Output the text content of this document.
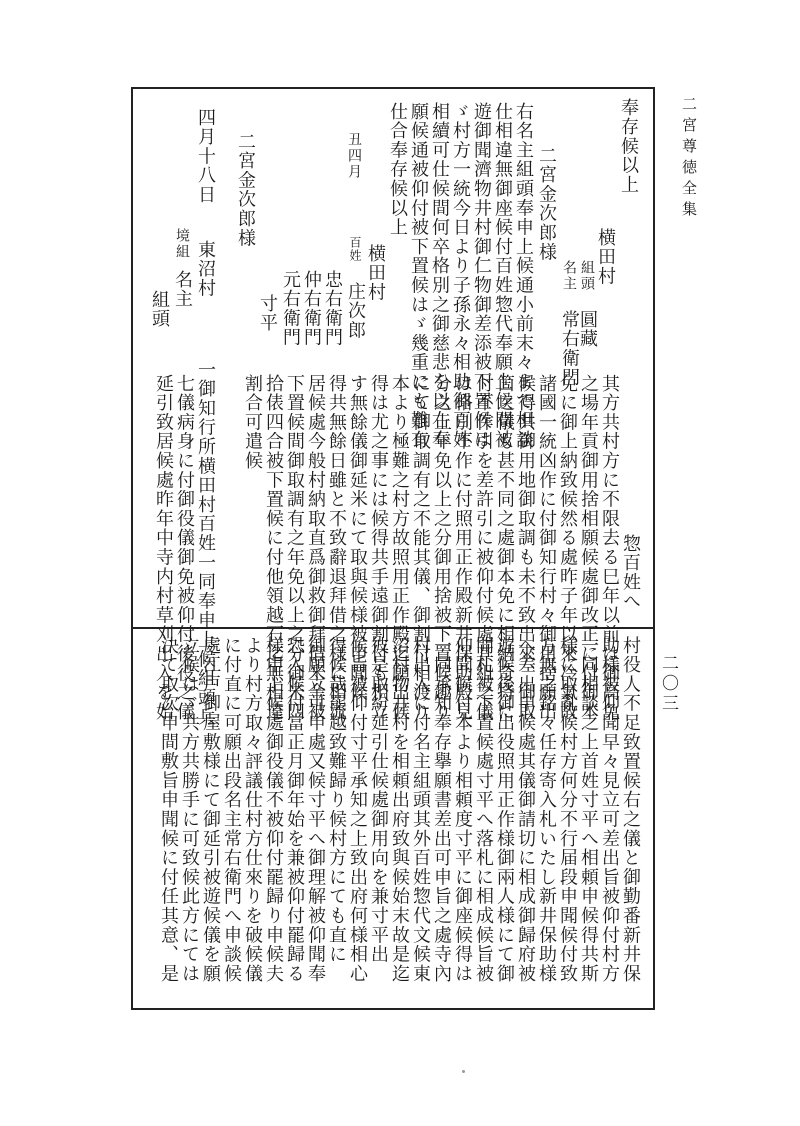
二宮尊徳全集
二〇三
奉存候以上
横田村
組頭圓藏
名主常右衛門
二宮金次郎様
右名主組頭奉申上候通小前末々まで相談
仕相違無御座候付百姓惣代奉願上候間被
遊御聞濟物井村御仁物御差添被下置候は
ゞ村方一統今日より子孫永々相助御百姓
相續可仕候間何卒格別之御慈悲を以右奉
願候通被仰付被下置候はゞ幾重にも難有
仕合奉存候以上
丑四月
横田村
百姓
庄次郎
忠右衛門
仲右衛門
元右衛門
寸平
二宮金次郎様
四月十八日
東沼村
境組名主
組頭
惣百姓へ
其方共村方に不限去る巳年以前は御高免
之場年貢御用捨相願候處御改正に付御本
免に御上納致候然る處昨子年以來冷氣故
諸國一統凶作に付御知行村々御用捨願出
候得共御用地御取調も未不致出來、御取
箇之儀も甚不同之處御本免に相納奇特に
付不作引を差許引に被仰付候處其組之儀
は格別不作に付照用正作殿新井保助殿見
分之上年免以上之分御用捨被下置候趣り
にて御取調有之不能其儀、御割付相渡り
本より極難之村方故照用正作殿迄願出候
得は尤之事には候得共手遠御割付も相立
す無餘儀御延米にて取與候様被申聞候
得共無餘日雖と不致辭退拜借之様に相流
居候處今般村納取直爲御救御拜借米金被
下置候間御取調有之年免以上之分御米四
拾俵四合被下置候に付他領越石迄無相違
割合可遣候
一御知行所横田村百姓一同奉申上候組頭兵
七儀病身に付御役儀御免被仰付後役之儀
延引致居候處昨年中寺内村草刈出入を始
村役人不足致置候右之儀と御勤番新井保
助様被仰聞早々見立可差出旨被仰付村方
一同相談之上首姓寸平へ相頼申候得共斯
様に取亂候村方何分不行届段申聞候付致
方無之銘々任存寄入札いたし新井保助様
へ差出申候處其儀御請切に相成御歸府被
遊候後御出役照用正作様御兩人様にて御
開札被下置候處寸平へ落札に相成候旨被
仰聞候付本より相頼度寸平に御座候得は
一同承知奉存擧願書差出可申旨之處寺內
村出入に付名主組頭其外百姓惣代文候東
沼村物井村を相頼出府致與候始末故是迄
彼是取紛延引仕候處御用向を兼寸平出
候旨被仰付寸平承知之上致出府何様相心
得候哉罷越致難歸り候村方にても直に
御願立可申處又候寸平へ御理解被仰聞奉
恐入候付當正月御年始を兼被仰付罷歸る
様申上候處御役儀不被仰付罷歸り申候夫
より村方取々評議仕村方仕來りを破候儀
に付直に可願出段名主常右衛門へ申談候
處江戸御屋敷様にて御延引被遊候儀を願
立候はゞ共方共勝手に可致候此方にては
決て取次申間敷旨申聞候に付任其意、是
